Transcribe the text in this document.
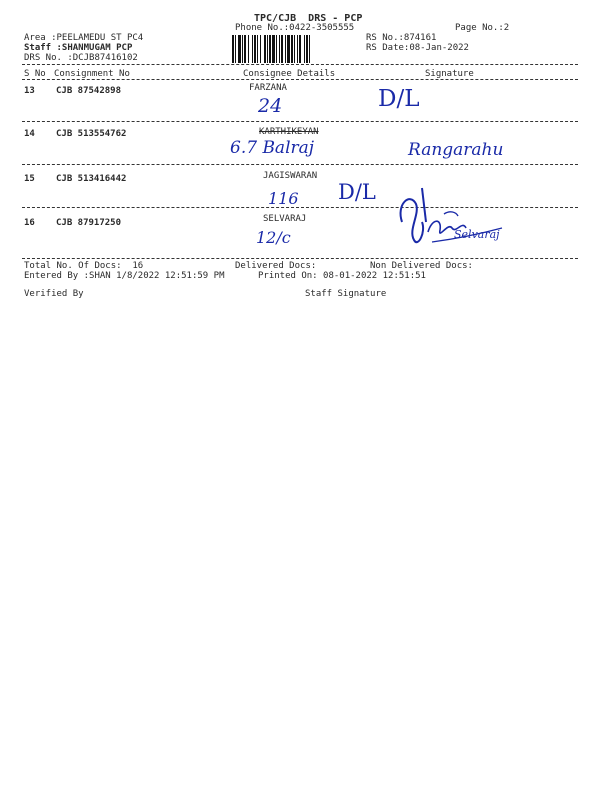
TPC/CJB  DRS - PCP
Phone No.:0422-3505555	Page No.:2
Area :PEELAMEDU ST PC4
Staff :SHANMUGAM PCP
DRS No. :DCJB87416102
RS No.:874161
RS Date:08-Jan-2022
S No Consignment No	Consignee Details	Signature
13 CJB 87542898	FARZANA
24	D/L
14 CJB 513554762	KARTHIKEYAN
6.7 Balraj	Rangarahu
15 CJB 513416442	JAGISWARAN
116 D/L
16 CJB 87917250	SELVARAJ
12/c	Selvaraj
Total No. Of Docs:  16	Delivered Docs:	Non Delivered Docs:
Entered By :SHAN 1/8/2022 12:51:59 PM	Printed On: 08-01-2022 12:51:51
Verified By	Staff Signature
